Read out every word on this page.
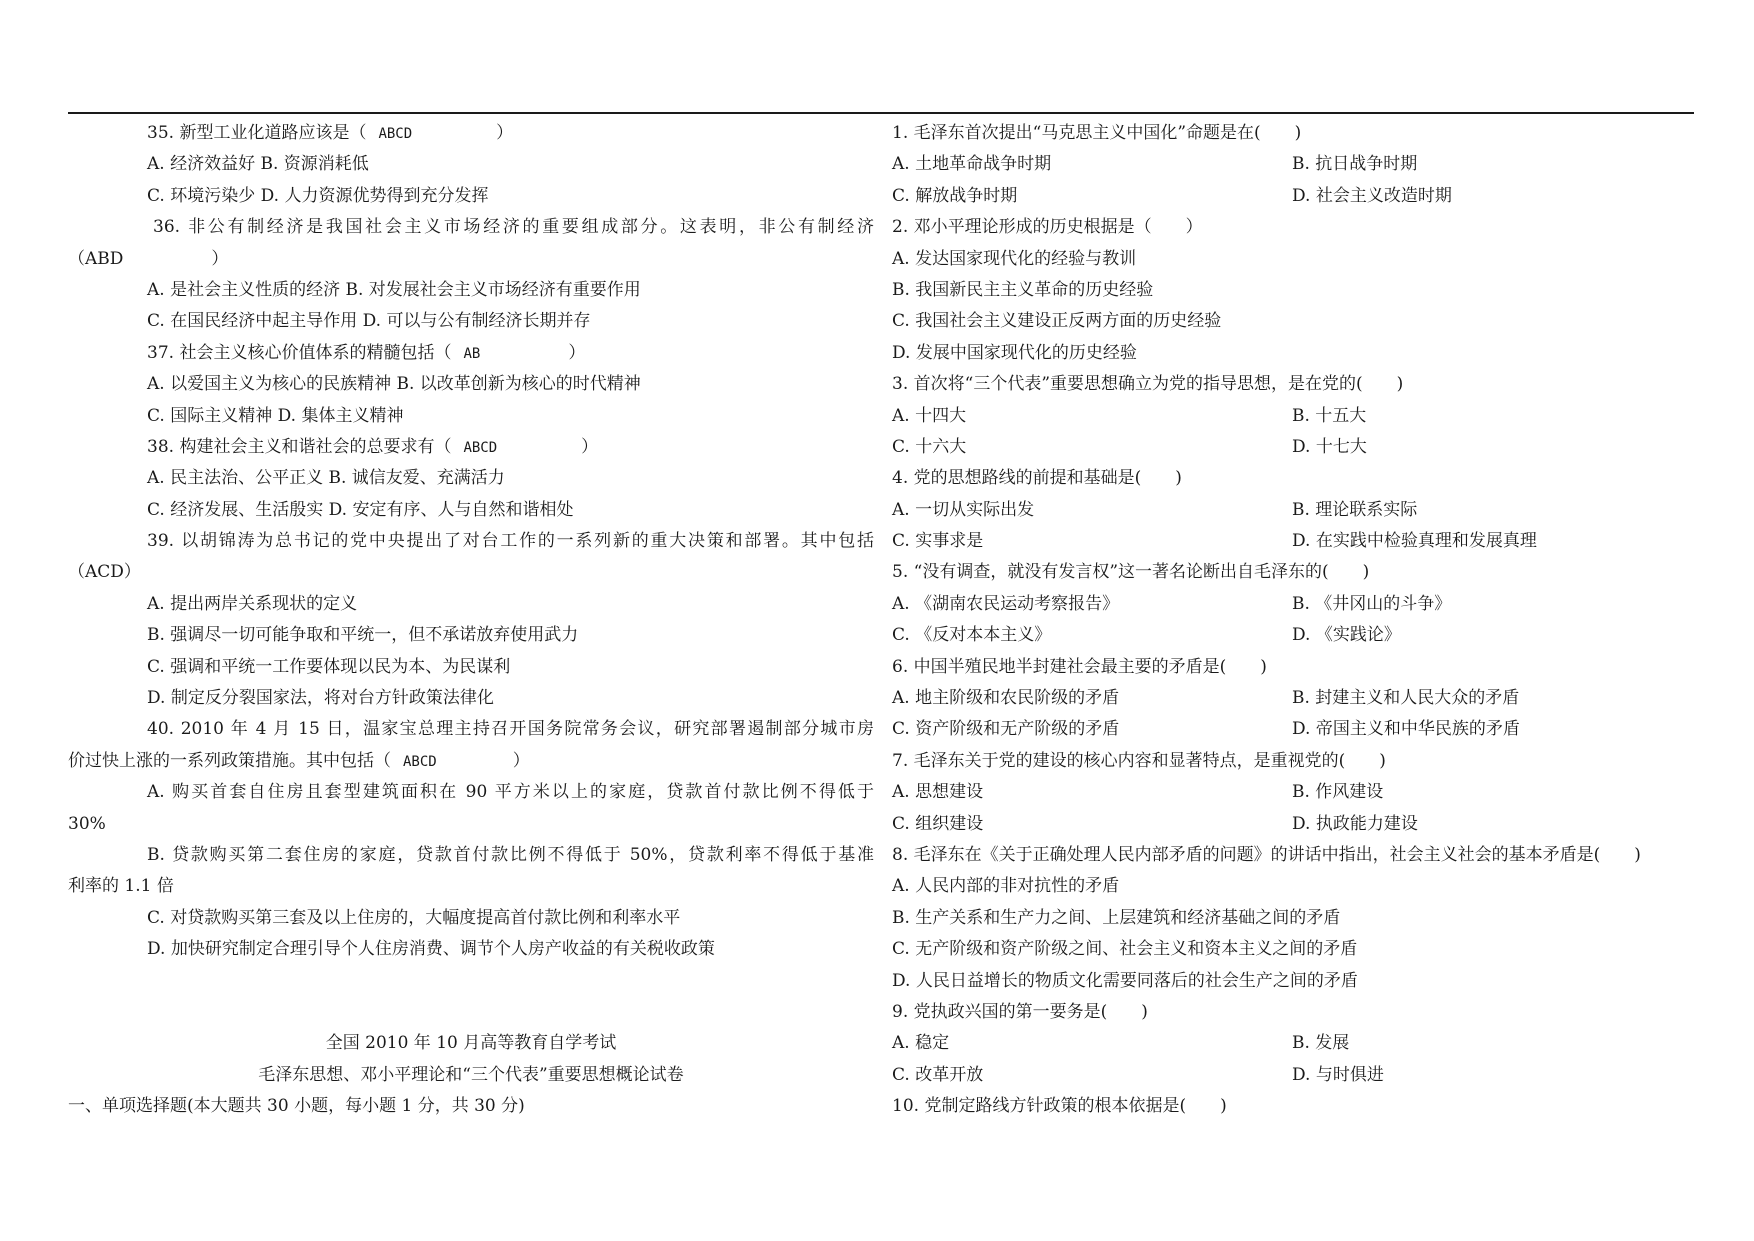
35. 新型工业化道路应该是（ ABCD	）
A. 经济效益好 B. 资源消耗低
C. 环境污染少 D. 人力资源优势得到充分发挥
36. 非公有制经济是我国社会主义市场经济的重要组成部分。这表明，非公有制经济
（ABD	）
A. 是社会主义性质的经济 B. 对发展社会主义市场经济有重要作用
C. 在国民经济中起主导作用 D. 可以与公有制经济长期并存
37. 社会主义核心价值体系的精髓包括（ AB	）
A. 以爱国主义为核心的民族精神 B. 以改革创新为核心的时代精神
C. 国际主义精神 D. 集体主义精神
38. 构建社会主义和谐社会的总要求有（ ABCD	）
A. 民主法治、公平正义 B. 诚信友爱、充满活力
C. 经济发展、生活殷实 D. 安定有序、人与自然和谐相处
39. 以胡锦涛为总书记的党中央提出了对台工作的一系列新的重大决策和部署。其中包括
（ACD）
A. 提出两岸关系现状的定义
B. 强调尽一切可能争取和平统一，但不承诺放弃使用武力
C. 强调和平统一工作要体现以民为本、为民谋利
D. 制定反分裂国家法，将对台方针政策法律化
40. 2010 年 4 月 15 日，温家宝总理主持召开国务院常务会议，研究部署遏制部分城市房
价过快上涨的一系列政策措施。其中包括（ ABCD	）
A. 购买首套自住房且套型建筑面积在 90 平方米以上的家庭，贷款首付款比例不得低于
30%
B. 贷款购买第二套住房的家庭，贷款首付款比例不得低于 50%，贷款利率不得低于基准
利率的 1.1 倍
C. 对贷款购买第三套及以上住房的，大幅度提高首付款比例和利率水平
D. 加快研究制定合理引导个人住房消费、调节个人房产收益的有关税收政策
全国 2010 年 10 月高等教育自学考试
毛泽东思想、邓小平理论和“三个代表”重要思想概论试卷
一、单项选择题(本大题共 30 小题，每小题 1 分，共 30 分)
1. 毛泽东首次提出“马克思主义中国化”命题是在(　　)
A. 土地革命战争时期	B. 抗日战争时期
C. 解放战争时期	D. 社会主义改造时期
2. 邓小平理论形成的历史根据是（　　）
A. 发达国家现代化的经验与教训
B. 我国新民主主义革命的历史经验
C. 我国社会主义建设正反两方面的历史经验
D. 发展中国家现代化的历史经验
3. 首次将“三个代表”重要思想确立为党的指导思想，是在党的(　　)
A. 十四大	B. 十五大
C. 十六大	D. 十七大
4. 党的思想路线的前提和基础是(　　)
A. 一切从实际出发	B. 理论联系实际
C. 实事求是	D. 在实践中检验真理和发展真理
5. “没有调查，就没有发言权”这一著名论断出自毛泽东的(　　)
A. 《湖南农民运动考察报告》	B. 《井冈山的斗争》
C. 《反对本本主义》	D. 《实践论》
6. 中国半殖民地半封建社会最主要的矛盾是(　　)
A. 地主阶级和农民阶级的矛盾	B. 封建主义和人民大众的矛盾
C. 资产阶级和无产阶级的矛盾	D. 帝国主义和中华民族的矛盾
7. 毛泽东关于党的建设的核心内容和显著特点，是重视党的(　　)
A. 思想建设	B. 作风建设
C. 组织建设	D. 执政能力建设
8. 毛泽东在《关于正确处理人民内部矛盾的问题》的讲话中指出，社会主义社会的基本矛盾是(　　)
A. 人民内部的非对抗性的矛盾
B. 生产关系和生产力之间、上层建筑和经济基础之间的矛盾
C. 无产阶级和资产阶级之间、社会主义和资本主义之间的矛盾
D. 人民日益增长的物质文化需要同落后的社会生产之间的矛盾
9. 党执政兴国的第一要务是(　　)
A. 稳定	B. 发展
C. 改革开放	D. 与时俱进
10. 党制定路线方针政策的根本依据是(　　)
